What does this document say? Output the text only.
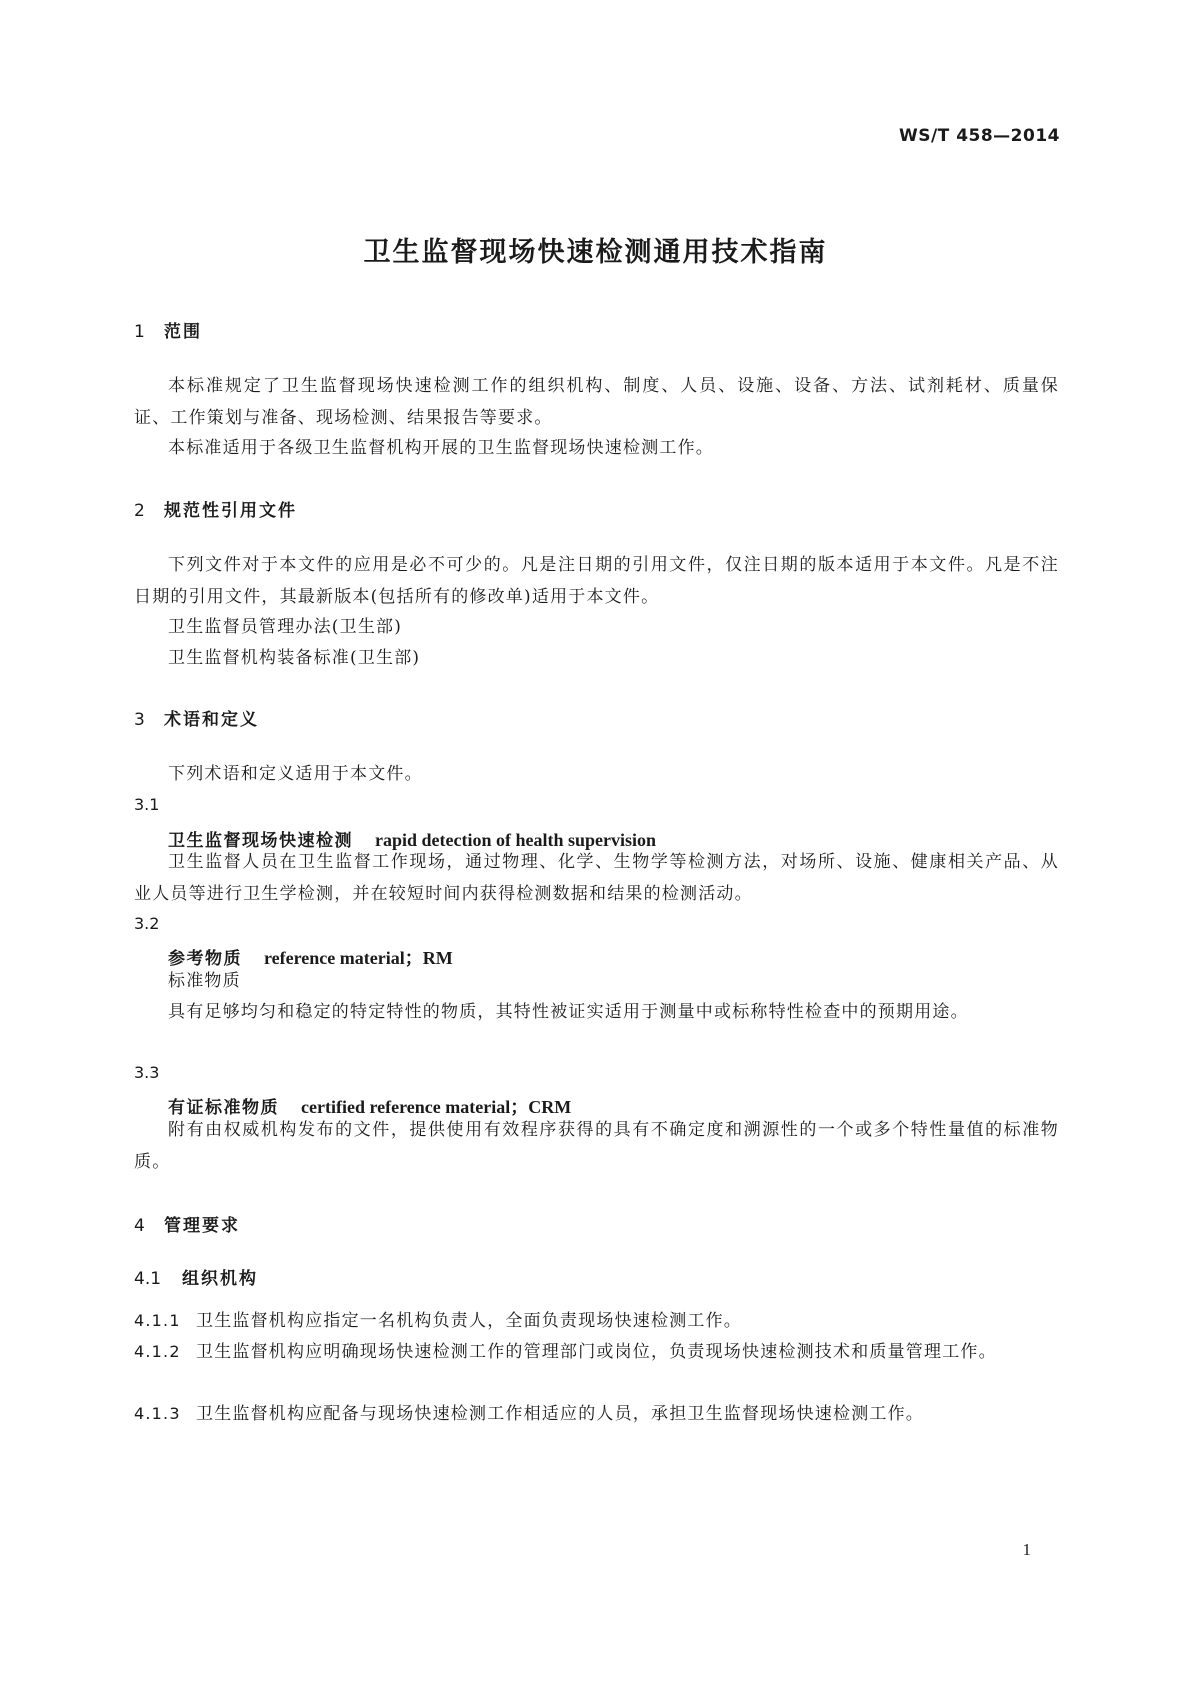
WS/T 458—2014
卫生监督现场快速检测通用技术指南
1 范围
本标准规定了卫生监督现场快速检测工作的组织机构、制度、人员、设施、设备、方法、试剂耗材、质量保证、工作策划与准备、现场检测、结果报告等要求。
本标准适用于各级卫生监督机构开展的卫生监督现场快速检测工作。
2 规范性引用文件
下列文件对于本文件的应用是必不可少的。凡是注日期的引用文件，仅注日期的版本适用于本文件。凡是不注日期的引用文件，其最新版本(包括所有的修改单)适用于本文件。
卫生监督员管理办法(卫生部)
卫生监督机构装备标准(卫生部)
3 术语和定义
下列术语和定义适用于本文件。
3.1
卫生监督现场快速检测 rapid detection of health supervision
卫生监督人员在卫生监督工作现场，通过物理、化学、生物学等检测方法，对场所、设施、健康相关产品、从业人员等进行卫生学检测，并在较短时间内获得检测数据和结果的检测活动。
3.2
参考物质 reference material；RM
标准物质
具有足够均匀和稳定的特定特性的物质，其特性被证实适用于测量中或标称特性检查中的预期用途。
3.3
有证标准物质 certified reference material；CRM
附有由权威机构发布的文件，提供使用有效程序获得的具有不确定度和溯源性的一个或多个特性量值的标准物质。
4 管理要求
4.1 组织机构
4.1.1 卫生监督机构应指定一名机构负责人，全面负责现场快速检测工作。
4.1.2 卫生监督机构应明确现场快速检测工作的管理部门或岗位，负责现场快速检测技术和质量管理工作。
4.1.3 卫生监督机构应配备与现场快速检测工作相适应的人员，承担卫生监督现场快速检测工作。
1
